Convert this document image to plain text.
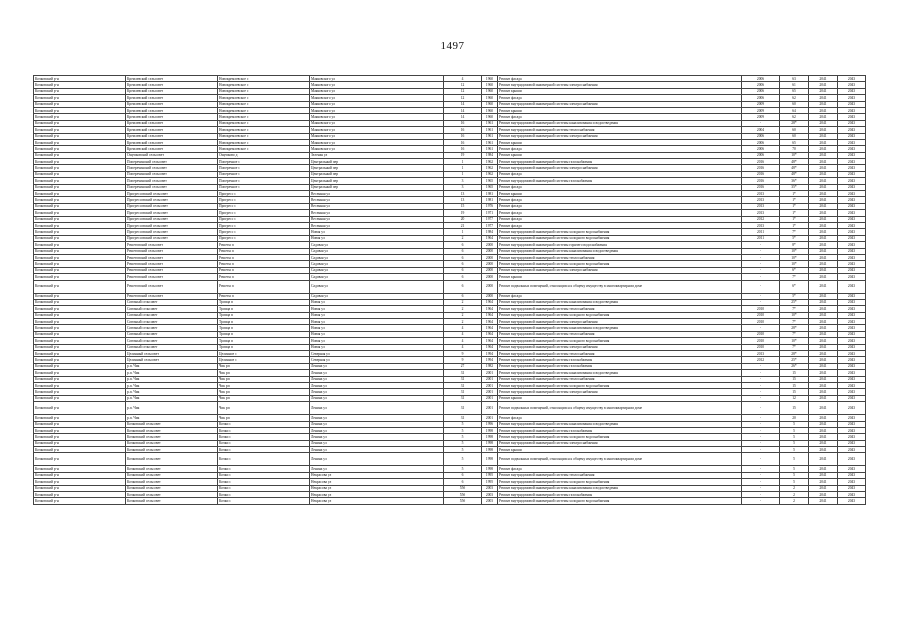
1497
Кочковский р-н	Кремлевский сельсовет	Новокремлевское с	Маяковского ул	4	1960	Ремонт фасада	2006	63	2041	2043
Кочковский р-н	Кремлевский сельсовет	Новокремлевское с	Маяковского ул	12	1960	Ремонт внутридомовой инженерной системы электроснабжения	2006	61	2041	2043
Кочковский р-н	Кремлевский сельсовет	Новокремлевское с	Маяковского ул	12	1960	Ремонт крыши	2006	65	2041	2043
Кочковский р-н	Кремлевский сельсовет	Новокремлевское с	Маяковского ул	12	1960	Ремонт фасада	2006	62	2041	2043
Кочковский р-н	Кремлевский сельсовет	Новокремлевское с	Маяковского ул	14	1960	Ремонт внутридомовой инженерной системы электроснабжения	2009	60	2041	2043
Кочковский р-н	Кремлевский сельсовет	Новокремлевское с	Маяковского ул	14	1960	Ремонт крыши	2009	64	2041	2043
Кочковский р-н	Кремлевский сельсовет	Новокремлевское с	Маяковского ул	14	1960	Ремонт фасада	2009	62	2041	2043
Кочковский р-н	Кремлевский сельсовет	Новокремлевское с	Маяковского ул	16	1961	Ремонт внутридомовой инженерной системы канализования и водоотведения	-	28*	2041	2043
Кочковский р-н	Кремлевский сельсовет	Новокремлевское с	Маяковского ул	16	1961	Ремонт внутридомовой инженерной системы теплоснабжения	2004	60	2041	2043
Кочковский р-н	Кремлевский сельсовет	Новокремлевское с	Маяковского ул	16	1961	Ремонт внутридомовой инженерной системы электроснабжения	2006	60	2041	2043
Кочковский р-н	Кремлевский сельсовет	Новокремлевское с	Маяковского ул	16	1961	Ремонт крыши	2006	65	2041	2043
Кочковский р-н	Кремлевский сельсовет	Новокремлевское с	Маяковского ул	16	1961	Ремонт фасада	2006	70	2041	2043
Кочковский р-н	Ощепковский сельсовет	Ощепково д	Зеленая ул	19	1984	Ремонт крыши	2006	10*	2041	2043
Кочковский р-н	Поперечинский сельсовет	Поперечное с	Центральный пер	1	1962	Ремонт внутридомовой инженерной системы газоснабжения	2016	48*	2041	2043
Кочковский р-н	Поперечинский сельсовет	Поперечное с	Центральный пер	1	1962	Ремонт внутридомовой инженерной системы электроснабжения	2016	48*	2041	2043
Кочковский р-н	Поперечинский сельсовет	Поперечное с	Центральный пер	1	1962	Ремонт фасада	2016	48*	2041	2043
Кочковский р-н	Поперечинский сельсовет	Поперечное с	Центральный пер	3	1965	Ремонт внутридомовой инженерной системы газоснабжения	2016	36*	2041	2043
Кочковский р-н	Поперечинский сельсовет	Поперечное с	Центральный пер	3	1965	Ремонт фасада	2016	35*	2041	2043
Кочковский р-н	Прогрессовский сельсовет	Прогресс с	Весенняя ул	13	1981	Ремонт крыши	2013	1*	2041	2043
Кочковский р-н	Прогрессовский сельсовет	Прогресс с	Весенняя ул	13	1981	Ремонт фасада	2013	1*	2041	2043
Кочковский р-н	Прогрессовский сельсовет	Прогресс с	Весенняя ул	15	1976	Ремонт фасада	2013	1*	2041	2043
Кочковский р-н	Прогрессовский сельсовет	Прогресс с	Весенняя ул	19	1971	Ремонт фасада	2013	1*	2041	2043
Кочковский р-н	Прогрессовский сельсовет	Прогресс с	Весенняя ул	20	1977	Ремонт фасада	2012	1*	2041	2043
Кочковский р-н	Прогрессовский сельсовет	Прогресс с	Весенняя ул	21	1977	Ремонт фасада	2013	1*	2041	2043
Кочковский р-н	Прогрессовский сельсовет	Прогресс с	Новая ул	1	1984	Ремонт внутридомовой инженерной системы холодного водоснабжения	2011	7*	2041	2043
Кочковский р-н	Прогрессовский сельсовет	Прогресс с	Новая ул	2	1964	Ремонт внутридомовой инженерной системы холодного водоснабжения	2011	5*	2041	2043
Кочковский р-н	Решетовский сельсовет	Решеты п	Садовая ул	6	2000	Ремонт внутридомовой инженерной системы горячего водоснабжения	-	8*	2041	2043
Кочковский р-н	Решетовский сельсовет	Решеты п	Садовая ул	6	2000	Ремонт внутридомовой инженерной системы канализования и водоотведения	-	10*	2041	2043
Кочковский р-н	Решетовский сельсовет	Решеты п	Садовая ул	6	2000	Ремонт внутридомовой инженерной системы теплоснабжения	-	10*	2041	2043
Кочковский р-н	Решетовский сельсовет	Решеты п	Садовая ул	6	2000	Ремонт внутридомовой инженерной системы холодного водоснабжения	-	10*	2041	2043
Кочковский р-н	Решетовский сельсовет	Решеты п	Садовая ул	6	2000	Ремонт внутридомовой инженерной системы электроснабжения	-	6*	2041	2043
Кочковский р-н	Решетовский сельсовет	Решеты п	Садовая ул	6	2000	Ремонт крыши	-	7*	2041	2043
Кочковский р-н	Решетовский сельсовет	Решеты п	Садовая ул	6	2000	Ремонт подвальных помещений, относящихся к общему имуществу в многоквартирном доме	-	6*	2041	2043
Кочковский р-н	Решетовский сельсовет	Решеты п	Садовая ул	6	2000	Ремонт фасада	-	5*	2041	2043
Кочковский р-н	Союзный сельсовет	Троица п	Новая ул	2	1964	Ремонт внутридомовой инженерной системы канализования и водоотведения	-	25*	2041	2043
Кочковский р-н	Союзный сельсовет	Троица п	Новая ул	2	1964	Ремонт внутридомовой инженерной системы теплоснабжения	2010	7*	2041	2043
Кочковский р-н	Союзный сельсовет	Троица п	Новая ул	2	1964	Ремонт внутридомовой инженерной системы холодного водоснабжения	2010	10*	2041	2043
Кочковский р-н	Союзный сельсовет	Троица п	Новая ул	2	1964	Ремонт внутридомовой инженерной системы электроснабжения	2010	7*	2041	2043
Кочковский р-н	Союзный сельсовет	Троица п	Новая ул	4	1964	Ремонт внутридомовой инженерной системы канализования и водоотведения	-	28*	2041	2043
Кочковский р-н	Союзный сельсовет	Троица п	Новая ул	4	1964	Ремонт внутридомовой инженерной системы теплоснабжения	2010	7*	2041	2043
Кочковский р-н	Союзный сельсовет	Троица п	Новая ул	4	1964	Ремонт внутридомовой инженерной системы холодного водоснабжения	2010	10*	2041	2043
Кочковский р-н	Союзный сельсовет	Троица п	Новая ул	4	1964	Ремонт внутридомовой инженерной системы электроснабжения	2010	7*	2041	2043
Кочковский р-н	Целинный сельсовет	Целинное с	Северная ул	9	1994	Ремонт внутридомовой инженерной системы теплоснабжения	2013	28*	2041	2043
Кочковский р-н	Целинный сельсовет	Целинное с	Северная ул	9	1994	Ремонт внутридомовой инженерной системы газоснабжения	2012	25*	2041	2043
Кочковский р-н	р.п. Чик	Чик рп	Ленина ул	27	1982	Ремонт внутридомовой инженерной системы газоснабжения	-	26*	2041	2043
Кочковский р-н	р.п. Чик	Чик рп	Ленина ул	31	2001	Ремонт внутридомовой инженерной системы канализования и водоотведения	-	15	2041	2043
Кочковский р-н	р.п. Чик	Чик рп	Ленина ул	31	2001	Ремонт внутридомовой инженерной системы теплоснабжения	-	15	2041	2043
Кочковский р-н	р.п. Чик	Чик рп	Ленина ул	31	2001	Ремонт внутридомовой инженерной системы холодного водоснабжения	-	15	2041	2043
Кочковский р-н	р.п. Чик	Чик рп	Ленина ул	31	2001	Ремонт внутридомовой инженерной системы электроснабжения	-	15	2041	2043
Кочковский р-н	р.п. Чик	Чик рп	Ленина ул	31	2001	Ремонт крыши	-	12	2041	2043
Кочковский р-н	р.п. Чик	Чик рп	Ленина ул	31	2001	Ремонт подвальных помещений, относящихся к общему имуществу в многоквартирном доме	-	15	2041	2043
Кочковский р-н	р.п. Чик	Чик рп	Ленина ул	31	2001	Ремонт фасада	-	20	2041	2043
Кочковский р-н	Кочковский сельсовет	Кочки с	Ленина ул	5	1996	Ремонт внутридомовой инженерной системы канализования и водоотведения	-	5	2041	2043
Кочковский р-н	Кочковский сельсовет	Кочки с	Ленина ул	5	1998	Ремонт внутридомовой инженерной системы газоснабжения	-	5	2041	2043
Кочковский р-н	Кочковский сельсовет	Кочки с	Ленина ул	5	1998	Ремонт внутридомовой инженерной системы холодного водоснабжения	-	5	2041	2043
Кочковский р-н	Кочковский сельсовет	Кочки с	Ленина ул	5	1998	Ремонт внутридомовой инженерной системы электроснабжения	-	5	2041	2043
Кочковский р-н	Кочковский сельсовет	Кочки с	Ленина ул	5	1998	Ремонт крыши	-	5	2041	2043
Кочковский р-н	Кочковский сельсовет	Кочки с	Ленина ул	5	1998	Ремонт подвальных помещений, относящихся к общему имуществу в многоквартирном доме	-	5	2041	2043
Кочковский р-н	Кочковский сельсовет	Кочки с	Ленина ул	5	1998	Ремонт фасада	-	5	2041	2043
Кочковский р-н	Кочковский сельсовет	Кочки с	Некрасова ул	6	1995	Ремонт внутридомовой инженерной системы теплоснабжения	-	5	2041	2043
Кочковский р-н	Кочковский сельсовет	Кочки с	Некрасова ул	6	1995	Ремонт внутридомовой инженерной системы холодного водоснабжения	-	5	2041	2043
Кочковский р-н	Кочковский сельсовет	Кочки с	Некрасова ул	55б	2003	Ремонт внутридомовой инженерной системы канализования и водоотведения	-	2	2041	2043
Кочковский р-н	Кочковский сельсовет	Кочки с	Некрасова ул	55б	2003	Ремонт внутридомовой инженерной системы газоснабжения	-	2	2041	2043
Кочковский р-н	Кочковский сельсовет	Кочки с	Некрасова ул	55б	2003	Ремонт внутридомовой инженерной системы холодного водоснабжения	-	2	2041	2043
